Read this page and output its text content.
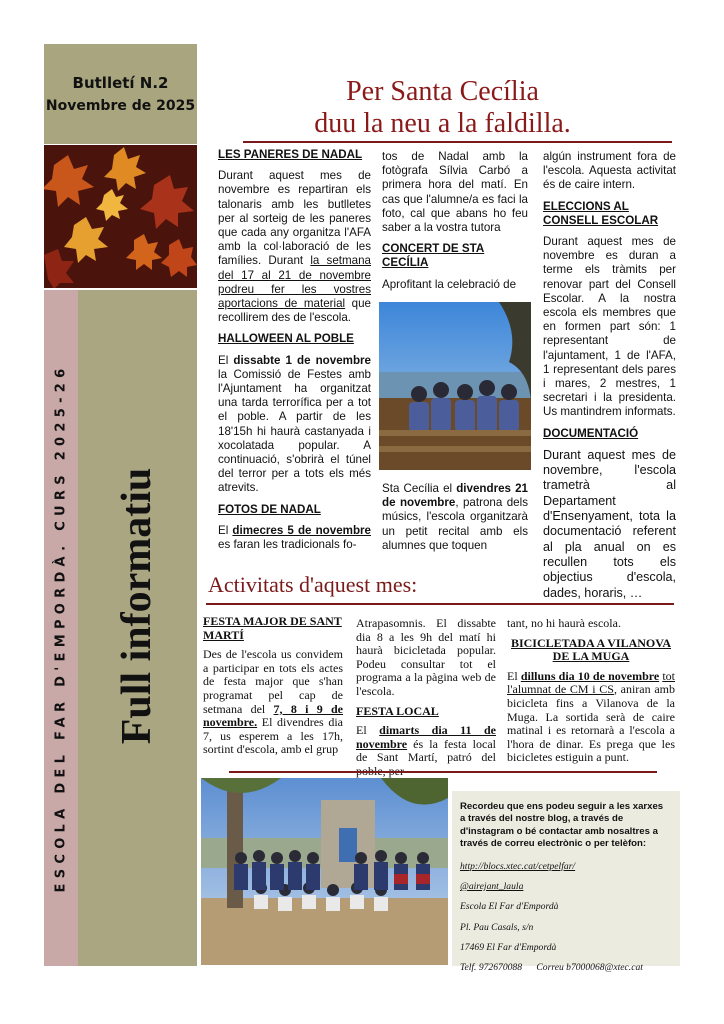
Butlletí N.2
Novembre de 2025
ESCOLA DEL FAR D'EMPORDÀ. CURS 2025-26 Full informatiu
Per Santa Cecília
duu la neu a la faldilla.
LES PANERES DE NADAL

Durant aquest mes de novembre es repartiran els talonaris amb les butlletes per al sorteig de les paneres que cada any organitza l'AFA amb la col·laboració de les famílies. Durant la setmana del 17 al 21 de novembre podreu fer les vostres aportacions de material que recollirem des de l'escola.

HALLOWEEN AL POBLE

El dissabte 1 de novembre la Comissió de Festes amb l'Ajuntament ha organitzat una tarda terrorífica per a tot el poble. A partir de les 18'15h hi haurà castanyada i xocolatada popular. A continuació, s'obrirà el túnel del terror per a tots els més atrevits.

FOTOS DE NADAL

El dimecres 5 de novembre es faran les tradicionals fo-

tos de Nadal amb la fotògrafa Sílvia Carbó a primera hora del matí. En cas que l'alumne/a es faci la foto, cal que abans ho feu saber a la vostra tutora

CONCERT DE STA CECÍLIA

Aprofitant la celebració de

Sta Cecília el divendres 21 de novembre, patrona dels músics, l'escola organitzarà un petit recital amb els alumnes que toquen

algún instrument fora de l'escola. Aquesta activitat és de caire intern.

ELECCIONS AL CONSELL ESCOLAR

Durant aquest mes de novembre es duran a terme els tràmits per renovar part del Consell Escolar. A la nostra escola els membres que en formen part són: 1 representant de l'ajuntament, 1 de l'AFA, 1 representant dels pares i mares, 2 mestres, 1 secretari i la presidenta. Us mantindrem informats.

DOCUMENTACIÓ

Durant aquest mes de novembre, l'escola trametrà al Departament d'Ensenyament, tota la documentació referent al pla anual on es recullen tots els objectius d'escola, dades, horaris, …

Activitats d'aquest mes:
FESTA MAJOR DE SANT MARTÍ

Des de l'escola us convidem a participar en tots els actes de festa major que s'han programat pel cap de setmana del 7, 8 i 9 de novembre. El divendres dia 7, us esperem a les 17h, sortint d'escola, amb el grup

Atrapasomnis. El dissabte dia 8 a les 9h del matí hi haurà bicicletada popular. Podeu consultar tot el programa a la pàgina web de l'escola.

FESTA LOCAL

El dimarts dia 11 de novembre és la festa local de Sant Martí, patró del

tant, no hi haurà escola.

BICICLETADA A VILANOVA DE LA MUGA

El dilluns dia 10 de novembre tot l'alumnat de CM i CS, aniran amb bicicleta fins a Vilanova de la Muga. La sortida serà de caire matinal i es retornarà a l'escola a l'hora de dinar. Es prega que les bicicletes estiguin a punt.

Recordeu que ens podeu seguir a les xarxes a través del nostre blog, a través de d'instagram o bé contactar amb nosaltres a través de correu electrònic o per telèfon:
http://blocs.xtec.cat/cetpelfar/
@airejant_laula
Escola El Far d'Empordà
Pl. Pau Casals, s/n
17469 El Far d'Empordà
Telf. 972670088 Correu b7000068@xtec.cat
